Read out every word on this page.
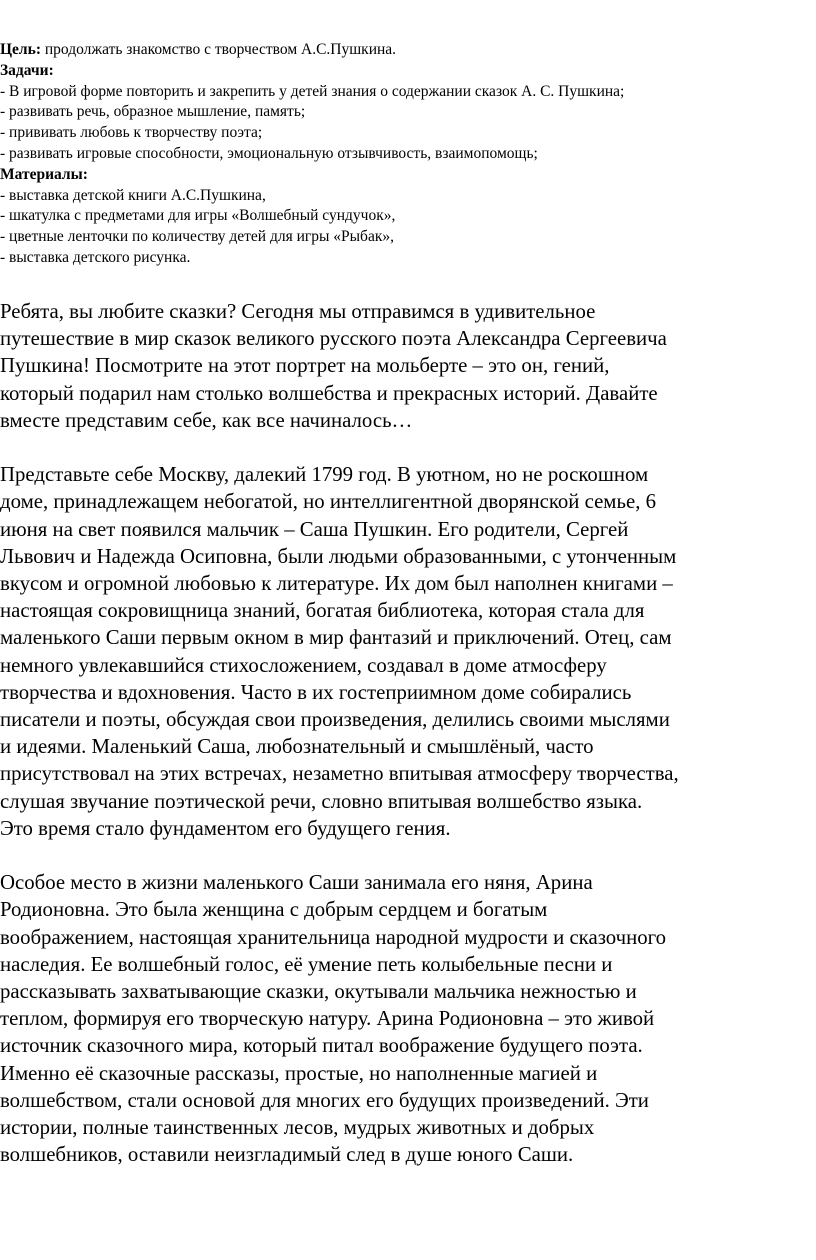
Цель: продолжать знакомство с творчеством А.С.Пушкина.

Задачи:

- В игровой форме повторить и закрепить у детей знания о содержании сказок А. С. Пушкина;

- развивать речь, образное мышление, память;

- прививать любовь к творчеству поэта;

- развивать игровые способности, эмоциональную отзывчивость, взаимопомощь;

Материалы:

- выставка детской книги А.С.Пушкина,

- шкатулка с предметами для игры «Волшебный сундучок»,

- цветные ленточки по количеству детей для игры «Рыбак»,

- выставка детского рисунка.

Ребята, вы любите сказки? Сегодня мы отправимся в удивительное
путешествие в мир сказок великого русского поэта Александра Сергеевича
Пушкина! Посмотрите на этот портрет на мольберте – это он, гений,
который подарил нам столько волшебства и прекрасных историй. Давайте
вместе представим себе, как все начиналось…

Представьте себе Москву, далекий 1799 год. В уютном, но не роскошном
доме, принадлежащем небогатой, но интеллигентной дворянской семье, 6
июня на свет появился мальчик – Саша Пушкин. Его родители, Сергей
Львович и Надежда Осиповна, были людьми образованными, с утонченным
вкусом и огромной любовью к литературе. Их дом был наполнен книгами –
настоящая сокровищница знаний, богатая библиотека, которая стала для
маленького Саши первым окном в мир фантазий и приключений. Отец, сам
немного увлекавшийся стихосложением, создавал в доме атмосферу
творчества и вдохновения. Часто в их гостеприимном доме собирались
писатели и поэты, обсуждая свои произведения, делились своими мыслями
и идеями. Маленький Саша, любознательный и смышлёный, часто
присутствовал на этих встречах, незаметно впитывая атмосферу творчества,
слушая звучание поэтической речи, словно впитывая волшебство языка.
Это время стало фундаментом его будущего гения.

Особое место в жизни маленького Саши занимала его няня, Арина
Родионовна. Это была женщина с добрым сердцем и богатым
воображением, настоящая хранительница народной мудрости и сказочного
наследия. Ее волшебный голос, её умение петь колыбельные песни и
рассказывать захватывающие сказки, окутывали мальчика нежностью и
теплом, формируя его творческую натуру. Арина Родионовна – это живой
источник сказочного мира, который питал воображение будущего поэта.
Именно её сказочные рассказы, простые, но наполненные магией и
волшебством, стали основой для многих его будущих произведений. Эти
истории, полные таинственных лесов, мудрых животных и добрых
волшебников, оставили неизгладимый след в душе юного Саши.
